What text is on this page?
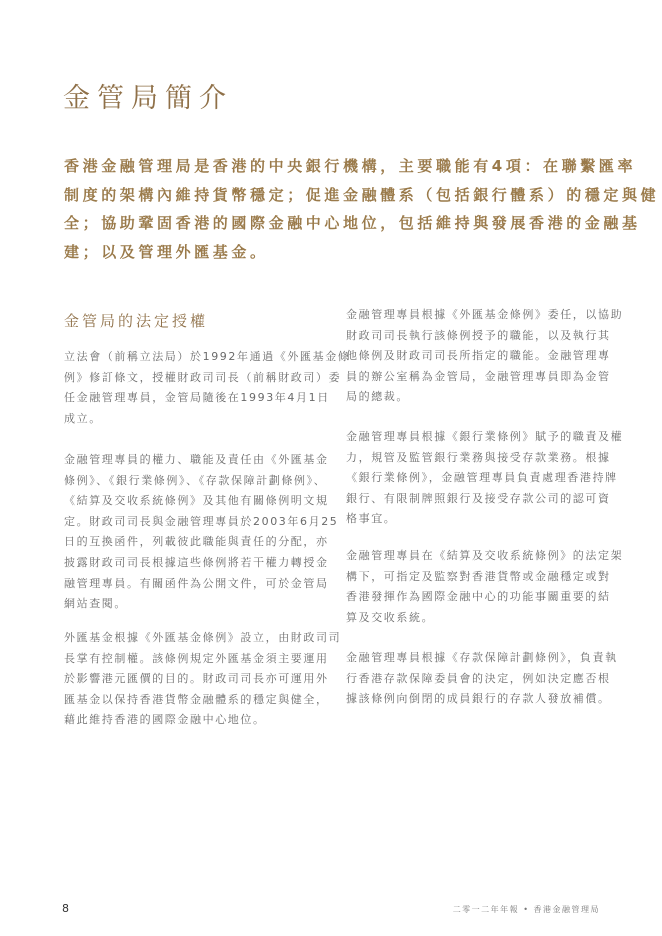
金管局簡介
香港金融管理局是香港的中央銀行機構，主要職能有4項：在聯繫匯率
制度的架構內維持貨幣穩定；促進金融體系（包括銀行體系）的穩定與健
全；協助鞏固香港的國際金融中心地位，包括維持與發展香港的金融基
建；以及管理外匯基金。
金管局的法定授權
立法會（前稱立法局）於1992年通過《外匯基金條
例》修訂條文，授權財政司司長（前稱財政司）委
任金融管理專員，金管局隨後在1993年4月1日
成立。
金融管理專員的權力、職能及責任由《外匯基金
條例》、《銀行業條例》、《存款保障計劃條例》、
《結算及交收系統條例》及其他有關條例明文規
定。財政司司長與金融管理專員於2003年6月25
日的互換函件，列載彼此職能與責任的分配，亦
披露財政司司長根據這些條例將若干權力轉授金
融管理專員。有關函件為公開文件，可於金管局
網站查閱。
外匯基金根據《外匯基金條例》設立，由財政司司
長掌有控制權。該條例規定外匯基金須主要運用
於影響港元匯價的目的。財政司司長亦可運用外
匯基金以保持香港貨幣金融體系的穩定與健全，
藉此維持香港的國際金融中心地位。
金融管理專員根據《外匯基金條例》委任，以協助
財政司司長執行該條例授予的職能，以及執行其
他條例及財政司司長所指定的職能。金融管理專
員的辦公室稱為金管局，金融管理專員即為金管
局的總裁。
金融管理專員根據《銀行業條例》賦予的職責及權
力，規管及監管銀行業務與接受存款業務。根據
《銀行業條例》，金融管理專員負責處理香港持牌
銀行、有限制牌照銀行及接受存款公司的認可資
格事宜。
金融管理專員在《結算及交收系統條例》的法定架
構下，可指定及監察對香港貨幣或金融穩定或對
香港發揮作為國際金融中心的功能事關重要的結
算及交收系統。
金融管理專員根據《存款保障計劃條例》，負責執
行香港存款保障委員會的決定，例如決定應否根
據該條例向倒閉的成員銀行的存款人發放補償。
8	二零一二年年報 • 香港金融管理局
